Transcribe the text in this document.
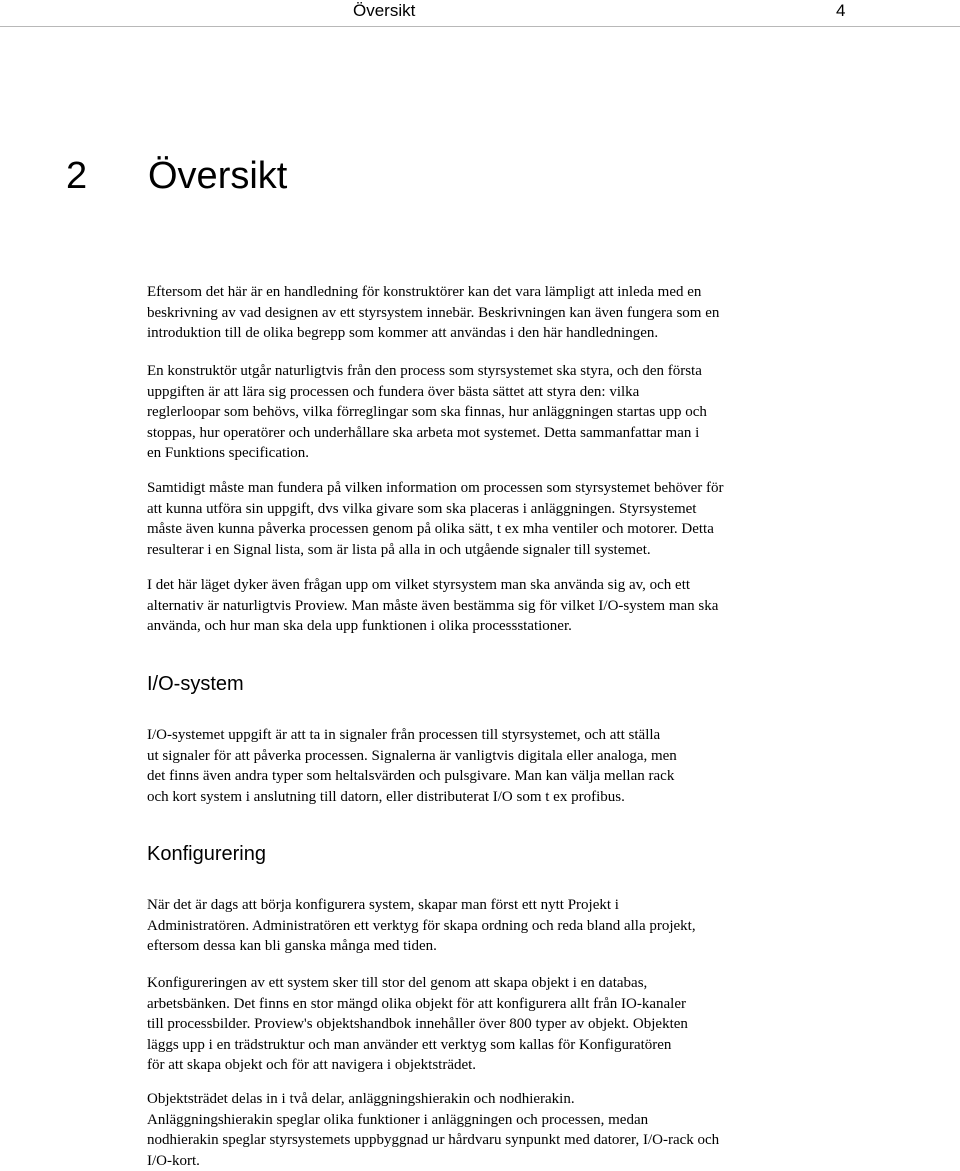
Översikt	4
2 Översikt

Eftersom det här är en handledning för konstruktörer kan det vara lämpligt att inleda med en
beskrivning av vad designen av ett styrsystem innebär. Beskrivningen kan även fungera som en
introduktion till de olika begrepp som kommer att användas i den här handledningen.

En konstruktör utgår naturligtvis från den process som styrsystemet ska styra, och den första
uppgiften är att lära sig processen och fundera över bästa sättet att styra den: vilka
reglerloopar som behövs, vilka förreglingar som ska finnas, hur anläggningen startas upp och
stoppas, hur operatörer och underhållare ska arbeta mot systemet. Detta sammanfattar man i
en Funktions specification.

Samtidigt måste man fundera på vilken information om processen som styrsystemet behöver för
att kunna utföra sin uppgift, dvs vilka givare som ska placeras i anläggningen. Styrsystemet
måste även kunna påverka processen genom på olika sätt, t ex mha ventiler och motorer. Detta
resulterar i en Signal lista, som är lista på alla in och utgående signaler till systemet.

I det här läget dyker även frågan upp om vilket styrsystem man ska använda sig av, och ett
alternativ är naturligtvis Proview. Man måste även bestämma sig för vilket I/O-system man ska
använda, och hur man ska dela upp funktionen i olika processstationer.

I/O-system

I/O-systemet uppgift är att ta in signaler från processen till styrsystemet, och att ställa
ut signaler för att påverka processen. Signalerna är vanligtvis digitala eller analoga, men
det finns även andra typer som heltalsvärden och pulsgivare. Man kan välja mellan rack
och kort system i anslutning till datorn, eller distributerat I/O som t ex profibus.

Konfigurering

När det är dags att börja konfigurera system, skapar man först ett nytt Projekt i
Administratören. Administratören ett verktyg för skapa ordning och reda bland alla projekt,
eftersom dessa kan bli ganska många med tiden.

Konfigureringen av ett system sker till stor del genom att skapa objekt i en databas,
arbetsbänken. Det finns en stor mängd olika objekt för att konfigurera allt från IO-kanaler
till processbilder. Proview's objektshandbok innehåller över 800 typer av objekt. Objekten
läggs upp i en trädstruktur och man använder ett verktyg som kallas för Konfiguratören
för att skapa objekt och för att navigera i objektsträdet.

Objektsträdet delas in i två delar, anläggningshierakin och nodhierakin.
Anläggningshierakin speglar olika funktioner i anläggningen och processen, medan
nodhierakin speglar styrsystemets uppbyggnad ur hårdvaru synpunkt med datorer, I/O-rack och
I/O-kort.
